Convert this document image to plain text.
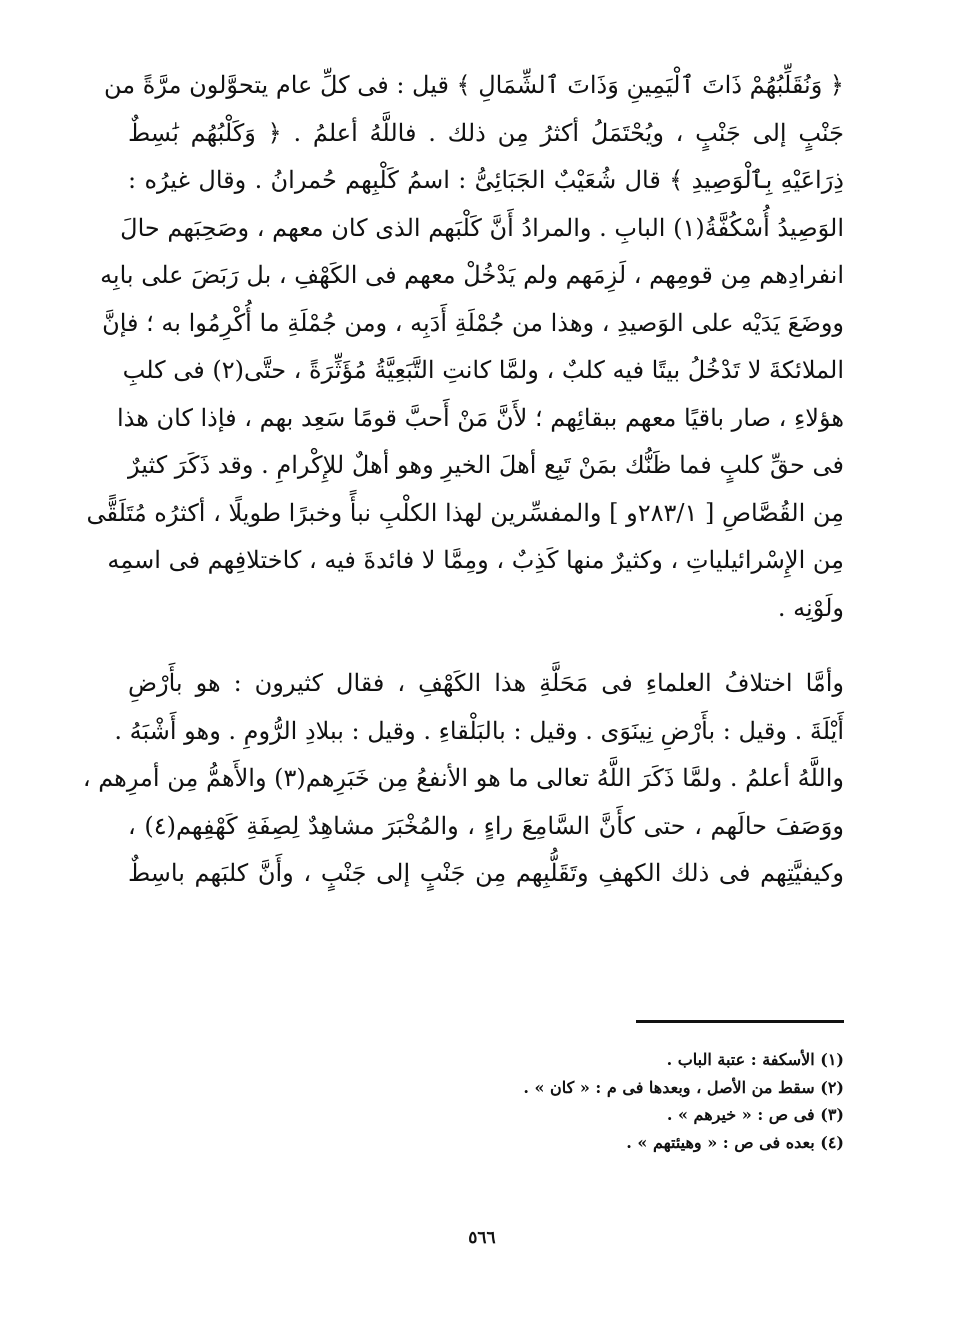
﴿ وَنُقَلِّبُهُمْ ذَاتَ ٱلْيَمِينِ وَذَاتَ ٱلشِّمَالِ ﴾ قيل : فى كلِّ عام يتحوَّلون مرَّةً من
جَنْبٍ إلى جَنْبٍ ، ويُحْتَمَلُ أكثرُ مِن ذلك . فاللَّهُ أعلمُ . ﴿ وَكَلْبُهُم بَٰسِطٌ
ذِرَاعَيْهِ بِٱلْوَصِيدِ ﴾ قال شُعَيْبٌ الجَبَائِىُّ : اسمُ كَلْبِهم حُمرانُ . وقال غيرُه :
الوَصِيدُ أُسْكُفَّةُ(١) البابِ . والمرادُ أَنَّ كَلْبَهم الذى كان معهم ، وصَحِبَهم حالَ
انفرادِهم مِن قومِهم ، لَزِمَهم ولم يَدْخُلْ معهم فى الكَهْفِ ، بل رَبَضَ على بابِه
ووضَعَ يَدَيْه على الوَصيدِ ، وهذا من جُمْلَةِ أَدَبِه ، ومن جُمْلَةِ ما أُكْرِمُوا به ؛ فإنَّ
الملائكةَ لا تَدْخُلُ بيتًا فيه كلبٌ ، ولمَّا كانتِ التَّبَعِيَّةُ مُؤَثِّرَةً ، حتَّى(٢) فى كلبِ
هؤلاءِ ، صار باقيًا معهم ببقائِهم ؛ لأَنَّ مَنْ أَحبَّ قومًا سَعِد بهم ، فإذا كان هذا
فى حقِّ كلبٍ فما ظَنُّك بمَنْ تَبِع أهلَ الخيرِ وهو أهلٌ للإِكْرامِ . وقد ذَكَرَ كثيرٌ
مِن القُصَّاصِ [ ٢٨٣/١و ] والمفسِّرين لهذا الكلْبِ نبأً وخبرًا طويلًا ، أكثرُه مُتَلَقًّى
مِن الإِسْرائيلياتِ ، وكثيرٌ منها كَذِبٌ ، ومِمَّا لا فائدةَ فيه ، كاختلافِهم فى اسمِه
ولَوْنِه .
وأمَّا اختلافُ العلماءِ فى مَحَلَّةِ هذا الكَهْفِ ، فقال كثيرون : هو بأَرْضِ
أَيْلَةَ . وقيل : بأَرْضِ نِينَوَى . وقيل : بالبَلْقاءِ . وقيل : ببلادِ الرُّومِ . وهو أَشْبَهُ .
واللَّهُ أعلمُ . ولمَّا ذَكَرَ اللَّهُ تعالى ما هو الأنفعُ مِن خَبَرِهم(٣) والأَهمُّ مِن أمرِهم ،
ووَصَفَ حالَهم ، حتى كأَنَّ السَّامِعَ راءٍ ، والمُخْبَرَ مشاهِدٌ لِصِفَةِ كَهْفِهم(٤) ،
وكيفيَّتِهم فى ذلك الكهفِ وتَقَلُّبِهم مِن جَنْبٍ إلى جَنْبٍ ، وأَنَّ كلبَهم باسِطٌ
(١) الأسكفة : عتبة الباب .
(٢) سقط من الأصل ، وبعدها فى م : « كان » .
(٣) فى ص : « خيرهم » .
(٤) بعده فى ص : « وهيئتهم » .
٥٦٦
